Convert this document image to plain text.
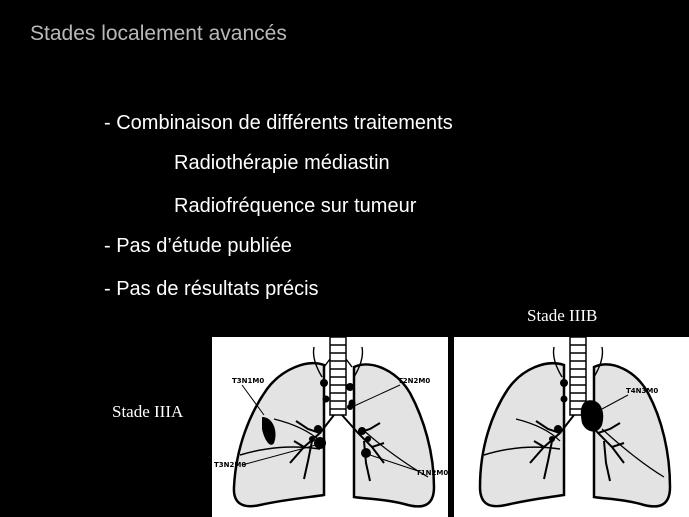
Stades localement avancés
- Combinaison de différents traitements
Radiothérapie médiastin
Radiofréquence sur tumeur
- Pas d’étude publiée
- Pas de résultats précis
Stade IIIB
Stade IIIA
T3N1M0	T2N2M0
T3N2M0
T1N2M0
T4N3M0
